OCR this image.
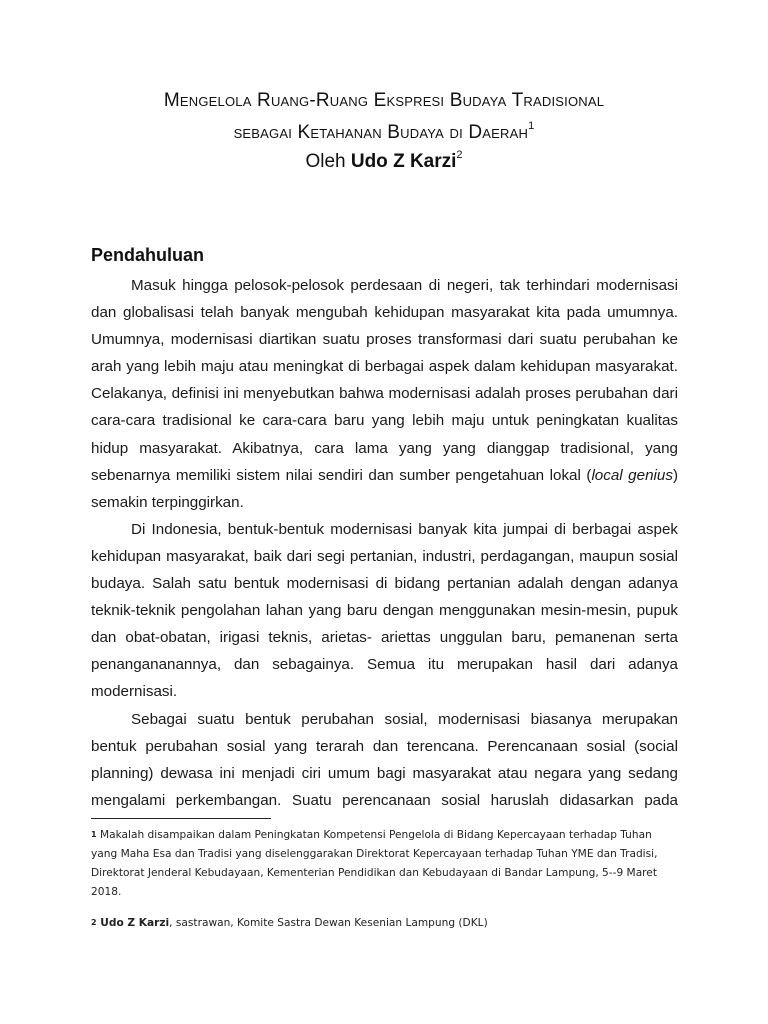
Mengelola Ruang-Ruang Ekspresi Budaya Tradisional
sebagai Ketahanan Budaya di Daerah$^1$
Oleh Udo Z Karzi$^2$
Pendahuluan

Masuk hingga pelosok-pelosok perdesaan di negeri, tak terhindari modernisasi dan globalisasi telah banyak mengubah kehidupan masyarakat kita pada umumnya. Umumnya, modernisasi diartikan suatu proses transformasi dari suatu perubahan ke arah yang lebih maju atau meningkat di berbagai aspek dalam kehidupan masyarakat. Celakanya, definisi ini menyebutkan bahwa modernisasi adalah proses perubahan dari cara-cara tradisional ke cara-cara baru yang lebih maju untuk peningkatan kualitas hidup masyarakat. Akibatnya, cara lama yang yang dianggap tradisional, yang sebenarnya memiliki sistem nilai sendiri dan sumber pengetahuan lokal (local genius) semakin terpinggirkan.

Di Indonesia, bentuk-bentuk modernisasi banyak kita jumpai di berbagai aspek kehidupan masyarakat, baik dari segi pertanian, industri, perdagangan, maupun sosial budaya. Salah satu bentuk modernisasi di bidang pertanian adalah dengan adanya teknik-teknik pengolahan lahan yang baru dengan menggunakan mesin-mesin, pupuk dan obat-obatan, irigasi teknis, arietas- ariettas unggulan baru, pemanenan serta penangananannya, dan sebagainya. Semua itu merupakan hasil dari adanya modernisasi.

Sebagai suatu bentuk perubahan sosial, modernisasi biasanya merupakan bentuk perubahan sosial yang terarah dan terencana. Perencanaan sosial (social planning) dewasa ini menjadi ciri umum bagi masyarakat atau negara yang sedang mengalami perkembangan. Suatu perencanaan sosial haruslah didasarkan pada

$^1$ Makalah disampaikan dalam Peningkatan Kompetensi Pengelola di Bidang Kepercayaan terhadap Tuhan yang Maha Esa dan Tradisi yang diselenggarakan Direktorat Kepercayaan terhadap Tuhan YME dan Tradisi, Direktorat Jenderal Kebudayaan, Kementerian Pendidikan dan Kebudayaan di Bandar Lampung, 5--9 Maret 2018.

$^2$ Udo Z Karzi, sastrawan, Komite Sastra Dewan Kesenian Lampung (DKL)
